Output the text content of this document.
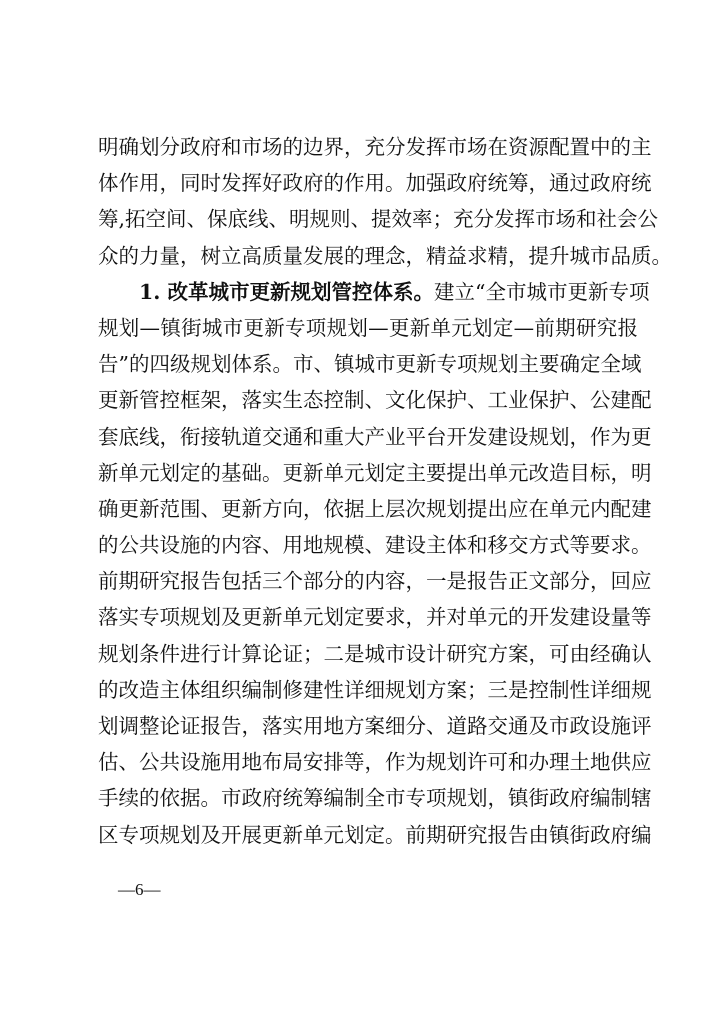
明确划分政府和市场的边界，充分发挥市场在资源配置中的主
体作用，同时发挥好政府的作用。加强政府统筹，通过政府统
筹,拓空间、保底线、明规则、提效率；充分发挥市场和社会公
众的力量，树立高质量发展的理念，精益求精，提升城市品质。
1. 改革城市更新规划管控体系。建立“全市城市更新专项
规划—镇街城市更新专项规划—更新单元划定—前期研究报
告”的四级规划体系。市、镇城市更新专项规划主要确定全域
更新管控框架，落实生态控制、文化保护、工业保护、公建配
套底线，衔接轨道交通和重大产业平台开发建设规划，作为更
新单元划定的基础。更新单元划定主要提出单元改造目标，明
确更新范围、更新方向，依据上层次规划提出应在单元内配建
的公共设施的内容、用地规模、建设主体和移交方式等要求。
前期研究报告包括三个部分的内容，一是报告正文部分，回应
落实专项规划及更新单元划定要求，并对单元的开发建设量等
规划条件进行计算论证；二是城市设计研究方案，可由经确认
的改造主体组织编制修建性详细规划方案；三是控制性详细规
划调整论证报告，落实用地方案细分、道路交通及市政设施评
估、公共设施用地布局安排等，作为规划许可和办理土地供应
手续的依据。市政府统筹编制全市专项规划，镇街政府编制辖
区专项规划及开展更新单元划定。前期研究报告由镇街政府编
—6—
